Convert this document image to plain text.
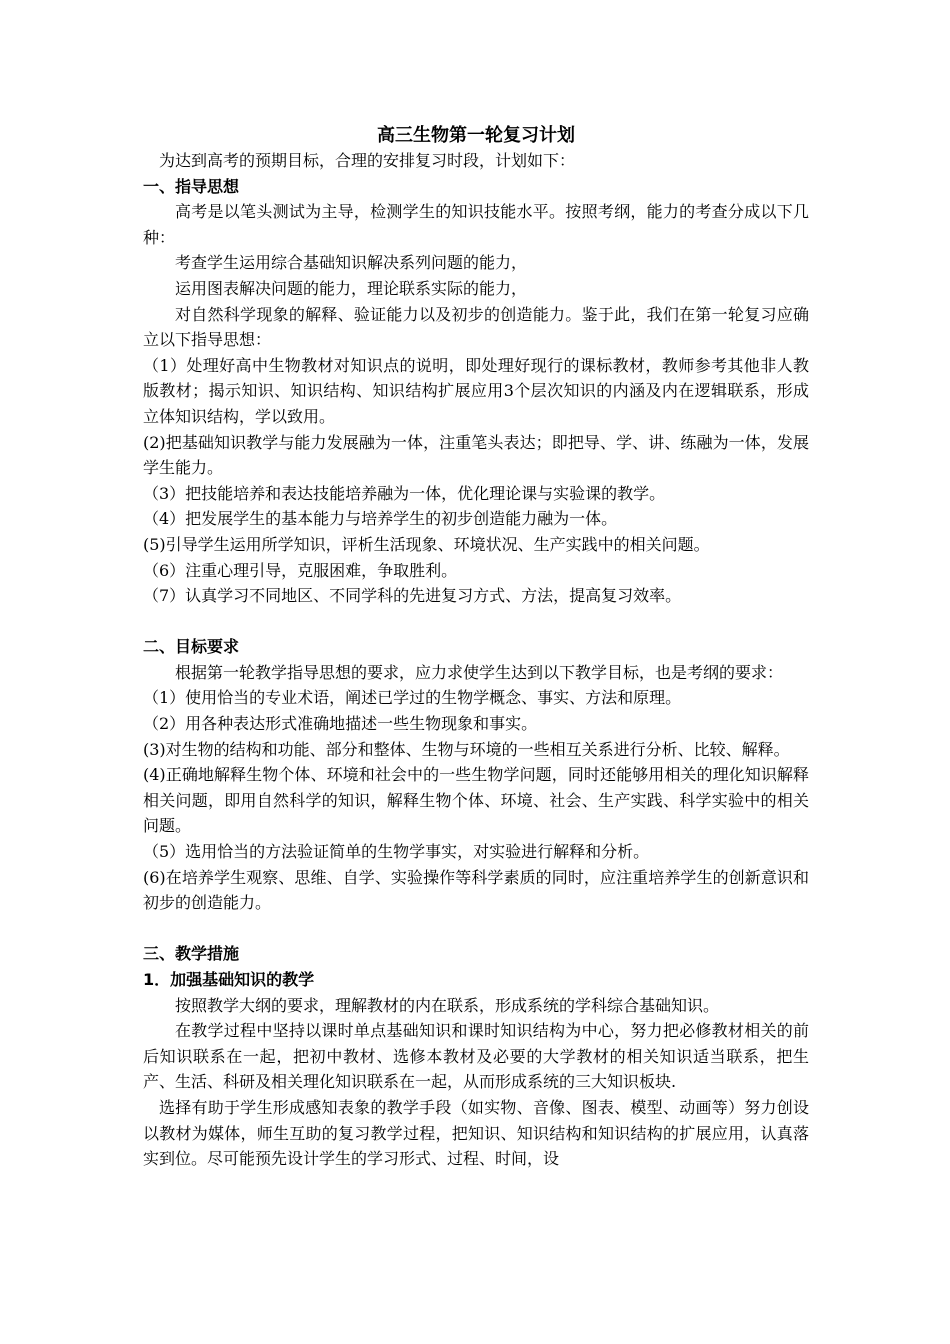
高三生物第一轮复习计划

为达到高考的预期目标，合理的安排复习时段，计划如下：

一、指导思想

高考是以笔头测试为主导，检测学生的知识技能水平。按照考纲，能力的考查分成以下几种：

考查学生运用综合基础知识解决系列问题的能力，

运用图表解决问题的能力，理论联系实际的能力，

对自然科学现象的解释、验证能力以及初步的创造能力。鉴于此，我们在第一轮复习应确立以下指导思想：

（1）处理好高中生物教材对知识点的说明，即处理好现行的课标教材，教师参考其他非人教版教材；揭示知识、知识结构、知识结构扩展应用3个层次知识的内涵及内在逻辑联系，形成立体知识结构，学以致用。

(2)把基础知识教学与能力发展融为一体，注重笔头表达；即把导、学、讲、练融为一体，发展学生能力。

（3）把技能培养和表达技能培养融为一体，优化理论课与实验课的教学。

（4）把发展学生的基本能力与培养学生的初步创造能力融为一体。

(5)引导学生运用所学知识，评析生活现象、环境状况、生产实践中的相关问题。

（6）注重心理引导，克服困难，争取胜利。

（7）认真学习不同地区、不同学科的先进复习方式、方法，提高复习效率。

二、目标要求

根据第一轮教学指导思想的要求，应力求使学生达到以下教学目标，也是考纲的要求：

（1）使用恰当的专业术语，阐述已学过的生物学概念、事实、方法和原理。

（2）用各种表达形式准确地描述一些生物现象和事实。

(3)对生物的结构和功能、部分和整体、生物与环境的一些相互关系进行分析、比较、解释。

(4)正确地解释生物个体、环境和社会中的一些生物学问题，同时还能够用相关的理化知识解释相关问题，即用自然科学的知识，解释生物个体、环境、社会、生产实践、科学实验中的相关问题。

（5）选用恰当的方法验证简单的生物学事实，对实验进行解释和分析。

(6)在培养学生观察、思维、自学、实验操作等科学素质的同时，应注重培养学生的创新意识和初步的创造能力。

三、教学措施

1．加强基础知识的教学

按照教学大纲的要求，理解教材的内在联系，形成系统的学科综合基础知识。

在教学过程中坚持以课时单点基础知识和课时知识结构为中心，努力把必修教材相关的前后知识联系在一起，把初中教材、选修本教材及必要的大学教材的相关知识适当联系，把生产、生活、科研及相关理化知识联系在一起，从而形成系统的三大知识板块.

选择有助于学生形成感知表象的教学手段（如实物、音像、图表、模型、动画等）努力创设以教材为媒体，师生互助的复习教学过程，把知识、知识结构和知识结构的扩展应用，认真落实到位。尽可能预先设计学生的学习形式、过程、时间，设
